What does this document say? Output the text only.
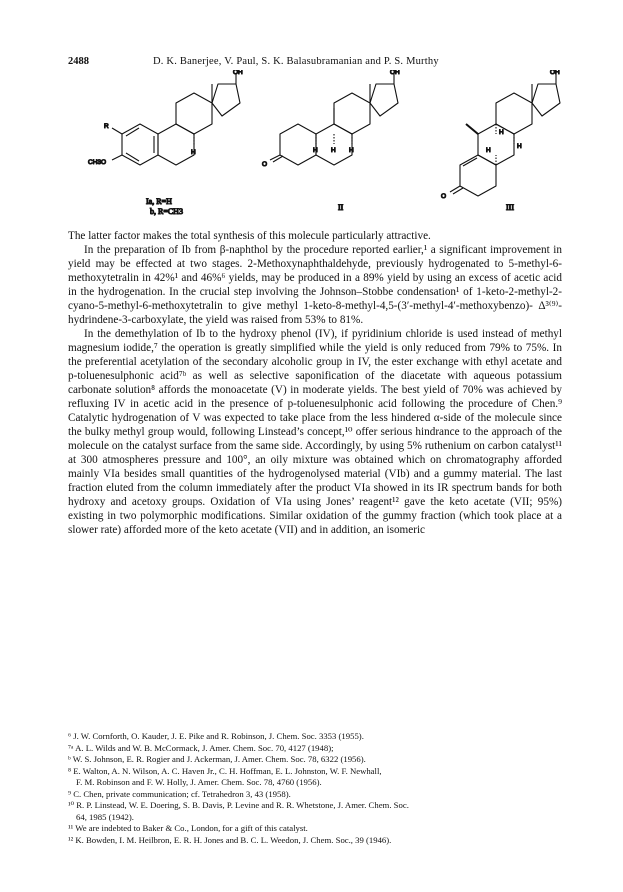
2488	D. K. Banerjee, V. Paul, S. K. Balasubramanian and P. S. Murthy
OH
R
CH3O
H
OH
O
H H H
OH
O
H
H
H
Ia, R=H
b, R=CH3	II	III

The latter factor makes the total synthesis of this molecule particularly attractive.

In the preparation of Ib from β-naphthol by the procedure reported earlier,¹ a significant improvement in yield may be effected at two stages. 2-Methoxynaphthaldehyde, previously hydrogenated to 5-methyl-6-methoxytetralin in 42%¹ and 46%⁶ yields, may be produced in a 89% yield by using an excess of acetic acid in the hydrogenation. In the crucial step involving the Johnson–Stobbe condensation¹ of 1-keto-2-methyl-2-cyano-5-methyl-6-methoxytetralin to give methyl 1-keto-8-methyl-4,5-(3′-methyl-4′-methoxybenzo)- Δ³⁽⁹⁾-hydrindene-3-carboxylate, the yield was raised from 53% to 81%.

In the demethylation of Ib to the hydroxy phenol (IV), if pyridinium chloride is used instead of methyl magnesium iodide,⁷ the operation is greatly simplified while the yield is only reduced from 79% to 75%. In the preferential acetylation of the secondary alcoholic group in IV, the ester exchange with ethyl acetate and p-toluenesulphonic acid⁷ᵇ as well as selective saponification of the diacetate with aqueous potassium carbonate solution⁸ affords the monoacetate (V) in moderate yields. The best yield of 70% was achieved by refluxing IV in acetic acid in the presence of p-toluenesulphonic acid following the procedure of Chen.⁹ Catalytic hydrogenation of V was expected to take place from the less hindered α-side of the molecule since the bulky methyl group would, following Linstead’s concept,¹⁰ offer serious hindrance to the approach of the molecule on the catalyst surface from the same side. Accordingly, by using 5% ruthenium on carbon catalyst¹¹ at 300 atmospheres pressure and 100°, an oily mixture was obtained which on chromatography afforded mainly VIa besides small quantities of the hydrogenolysed material (VIb) and a gummy material. The last fraction eluted from the column immediately after the product VIa showed in its IR spectrum bands for both hydroxy and acetoxy groups. Oxidation of VIa using Jones’ reagent¹² gave the keto acetate (VII; 95%) existing in two polymorphic modifications. Similar oxidation of the gummy fraction (which took place at a slower rate) afforded more of the keto acetate (VII) and in addition, an isomeric

⁶ J. W. Cornforth, O. Kauder, J. E. Pike and R. Robinson, J. Chem. Soc. 3353 (1955).
⁷ᵃ A. L. Wilds and W. B. McCormack, J. Amer. Chem. Soc. 70, 4127 (1948);
ᵇ W. S. Johnson, E. R. Rogier and J. Ackerman, J. Amer. Chem. Soc. 78, 6322 (1956).
⁸ E. Walton, A. N. Wilson, A. C. Haven Jr., C. H. Hoffman, E. L. Johnston, W. F. Newhall,
F. M. Robinson and F. W. Holly, J. Amer. Chem. Soc. 78, 4760 (1956).
⁹ C. Chen, private communication; cf. Tetrahedron 3, 43 (1958).
¹⁰ R. P. Linstead, W. E. Doering, S. B. Davis, P. Levine and R. R. Whetstone, J. Amer. Chem. Soc.
64, 1985 (1942).
¹¹ We are indebted to Baker & Co., London, for a gift of this catalyst.
¹² K. Bowden, I. M. Heilbron, E. R. H. Jones and B. C. L. Weedon, J. Chem. Soc., 39 (1946).
